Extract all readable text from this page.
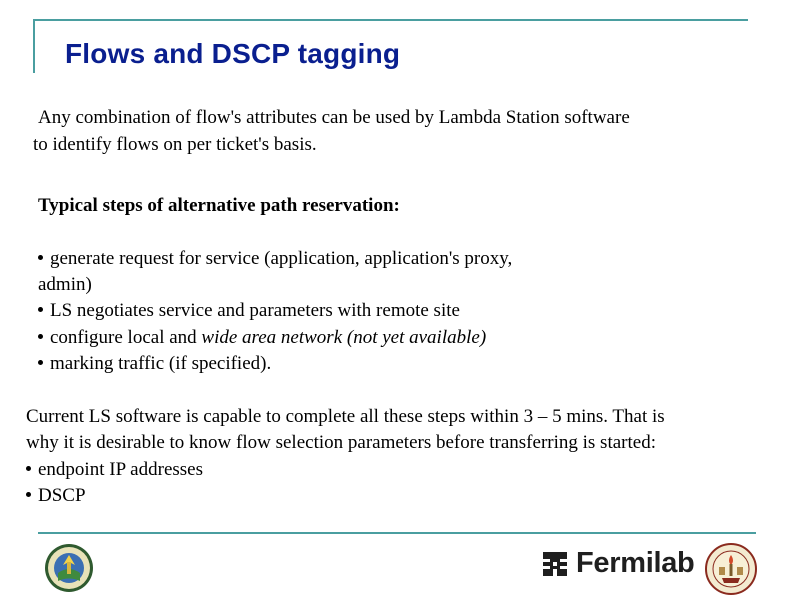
Flows and DSCP tagging
Any combination of flow's attributes can be used by Lambda Station software
to identify flows on per ticket's basis.
Typical steps of alternative path reservation:
generate request for service (application, application's proxy,
admin)
LS negotiates service and parameters with remote site
configure local and wide area network (not yet available)
marking traffic (if specified).
Current LS software is capable to complete all these steps within 3 – 5 mins. That is
why it is desirable to know flow selection parameters before transferring is started:
endpoint IP addresses
DSCP
Fermilab
